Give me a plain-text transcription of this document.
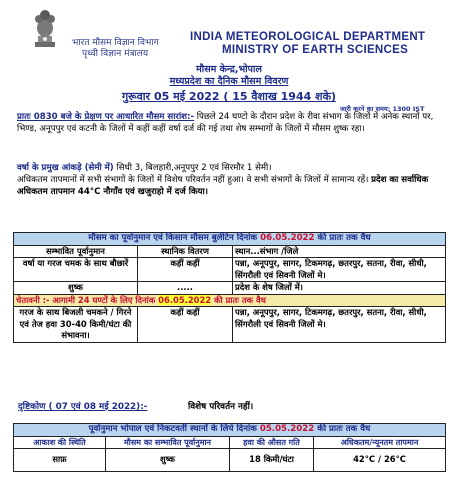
भारत मौसम विज्ञान विभाग
पृथ्वी विज्ञान मंत्रालय
INDIA METEOROLOGICAL DEPARTMENT
MINISTRY OF EARTH SCIENCES
मौसम केन्द्र,भोपाल
मध्यप्रदेश का दैनिक मौसम विवरण
गुरूवार 05 मई 2022 ( 15 वैशाख 1944 शके)
जारी करने का समय: 1300 IST
प्रातः 0830 बजे के प्रेक्षण पर आधारित मौसम सारांश:- पिछले 24 घण्टो के दौरान प्रदेश के रीवा संभाग के जिलों में अनेक स्थानों पर, भिण्ड, अनूपपुर एवं कटनी के जिलों में कहीं कहीं वर्षा दर्ज की गई तथा शेष सम्भागों के जिलों में मौसम शुष्क रहा।
वर्षा के प्रमुख आंकड़े (सेमी में) सिधी 3, बिलहारी,अनूपपुर 2 एवं सिरमौर 1 सेमी।
अधिकतम तापमानों में सभी संभागों के जिलों में विशेष परिवर्तन नहीं हुआ। वे सभी संभागों के जिलों में सामान्य रहें। प्रदेश का सर्वाधिक अधिकतम तापमान 44°C नौगाँव एवं खजुराहो में दर्ज किया।
मौसम का पूर्वानुमान एवं किसान मौसम बुलेटिन दिनांक 06.05.2022 की प्रातः तक वैध		
सम्भावित पूर्वानुमान	स्थानिक वितरण	स्थान...संभाग /जिले
वर्षा या गरज चमक के साथ बौछारें	कहीं कहीं	पन्ना, अनूपपुर, सागर, टिकमगढ़, छतरपुर, सतना, रीवा, सीधी, सिंगरौली एवं सिवनी जिलों मे।
शुष्क	.....	प्रदेश के शेष जिलों में।
चेतावनी :- आगामी 24 घण्टों के लिए दिनांक 06.05.2022 की प्रातः तक वैध		
गरज के साथ बिजली चमकने / गिरने एवं तेज हवा 30-40 किमी/घंटा की संभावना।	कहीं कहीं	पन्ना, अनूपपुर, सागर, टिकमगढ़, छतरपुर, सतना, रीवा, सीधी, सिंगरौली एवं सिवनी जिलों मे।
दृष्टिकोण ( 07 एवं 08 मई 2022):-	विशेष परिवर्तन नहीं।
पूर्वानुमान भोपाल एवं निकटवर्ती स्थानों के लिये दिनांक 05.05.2022 की प्रातः तक वैध			
आकाश की स्थिति	मौसम का सम्भावित पूर्वानुमान	हवा की औसत गति	अधिकतम/न्यूनतम तापमान
साफ़	शुष्क	18 किमी/घंटा	42°C / 26°C
